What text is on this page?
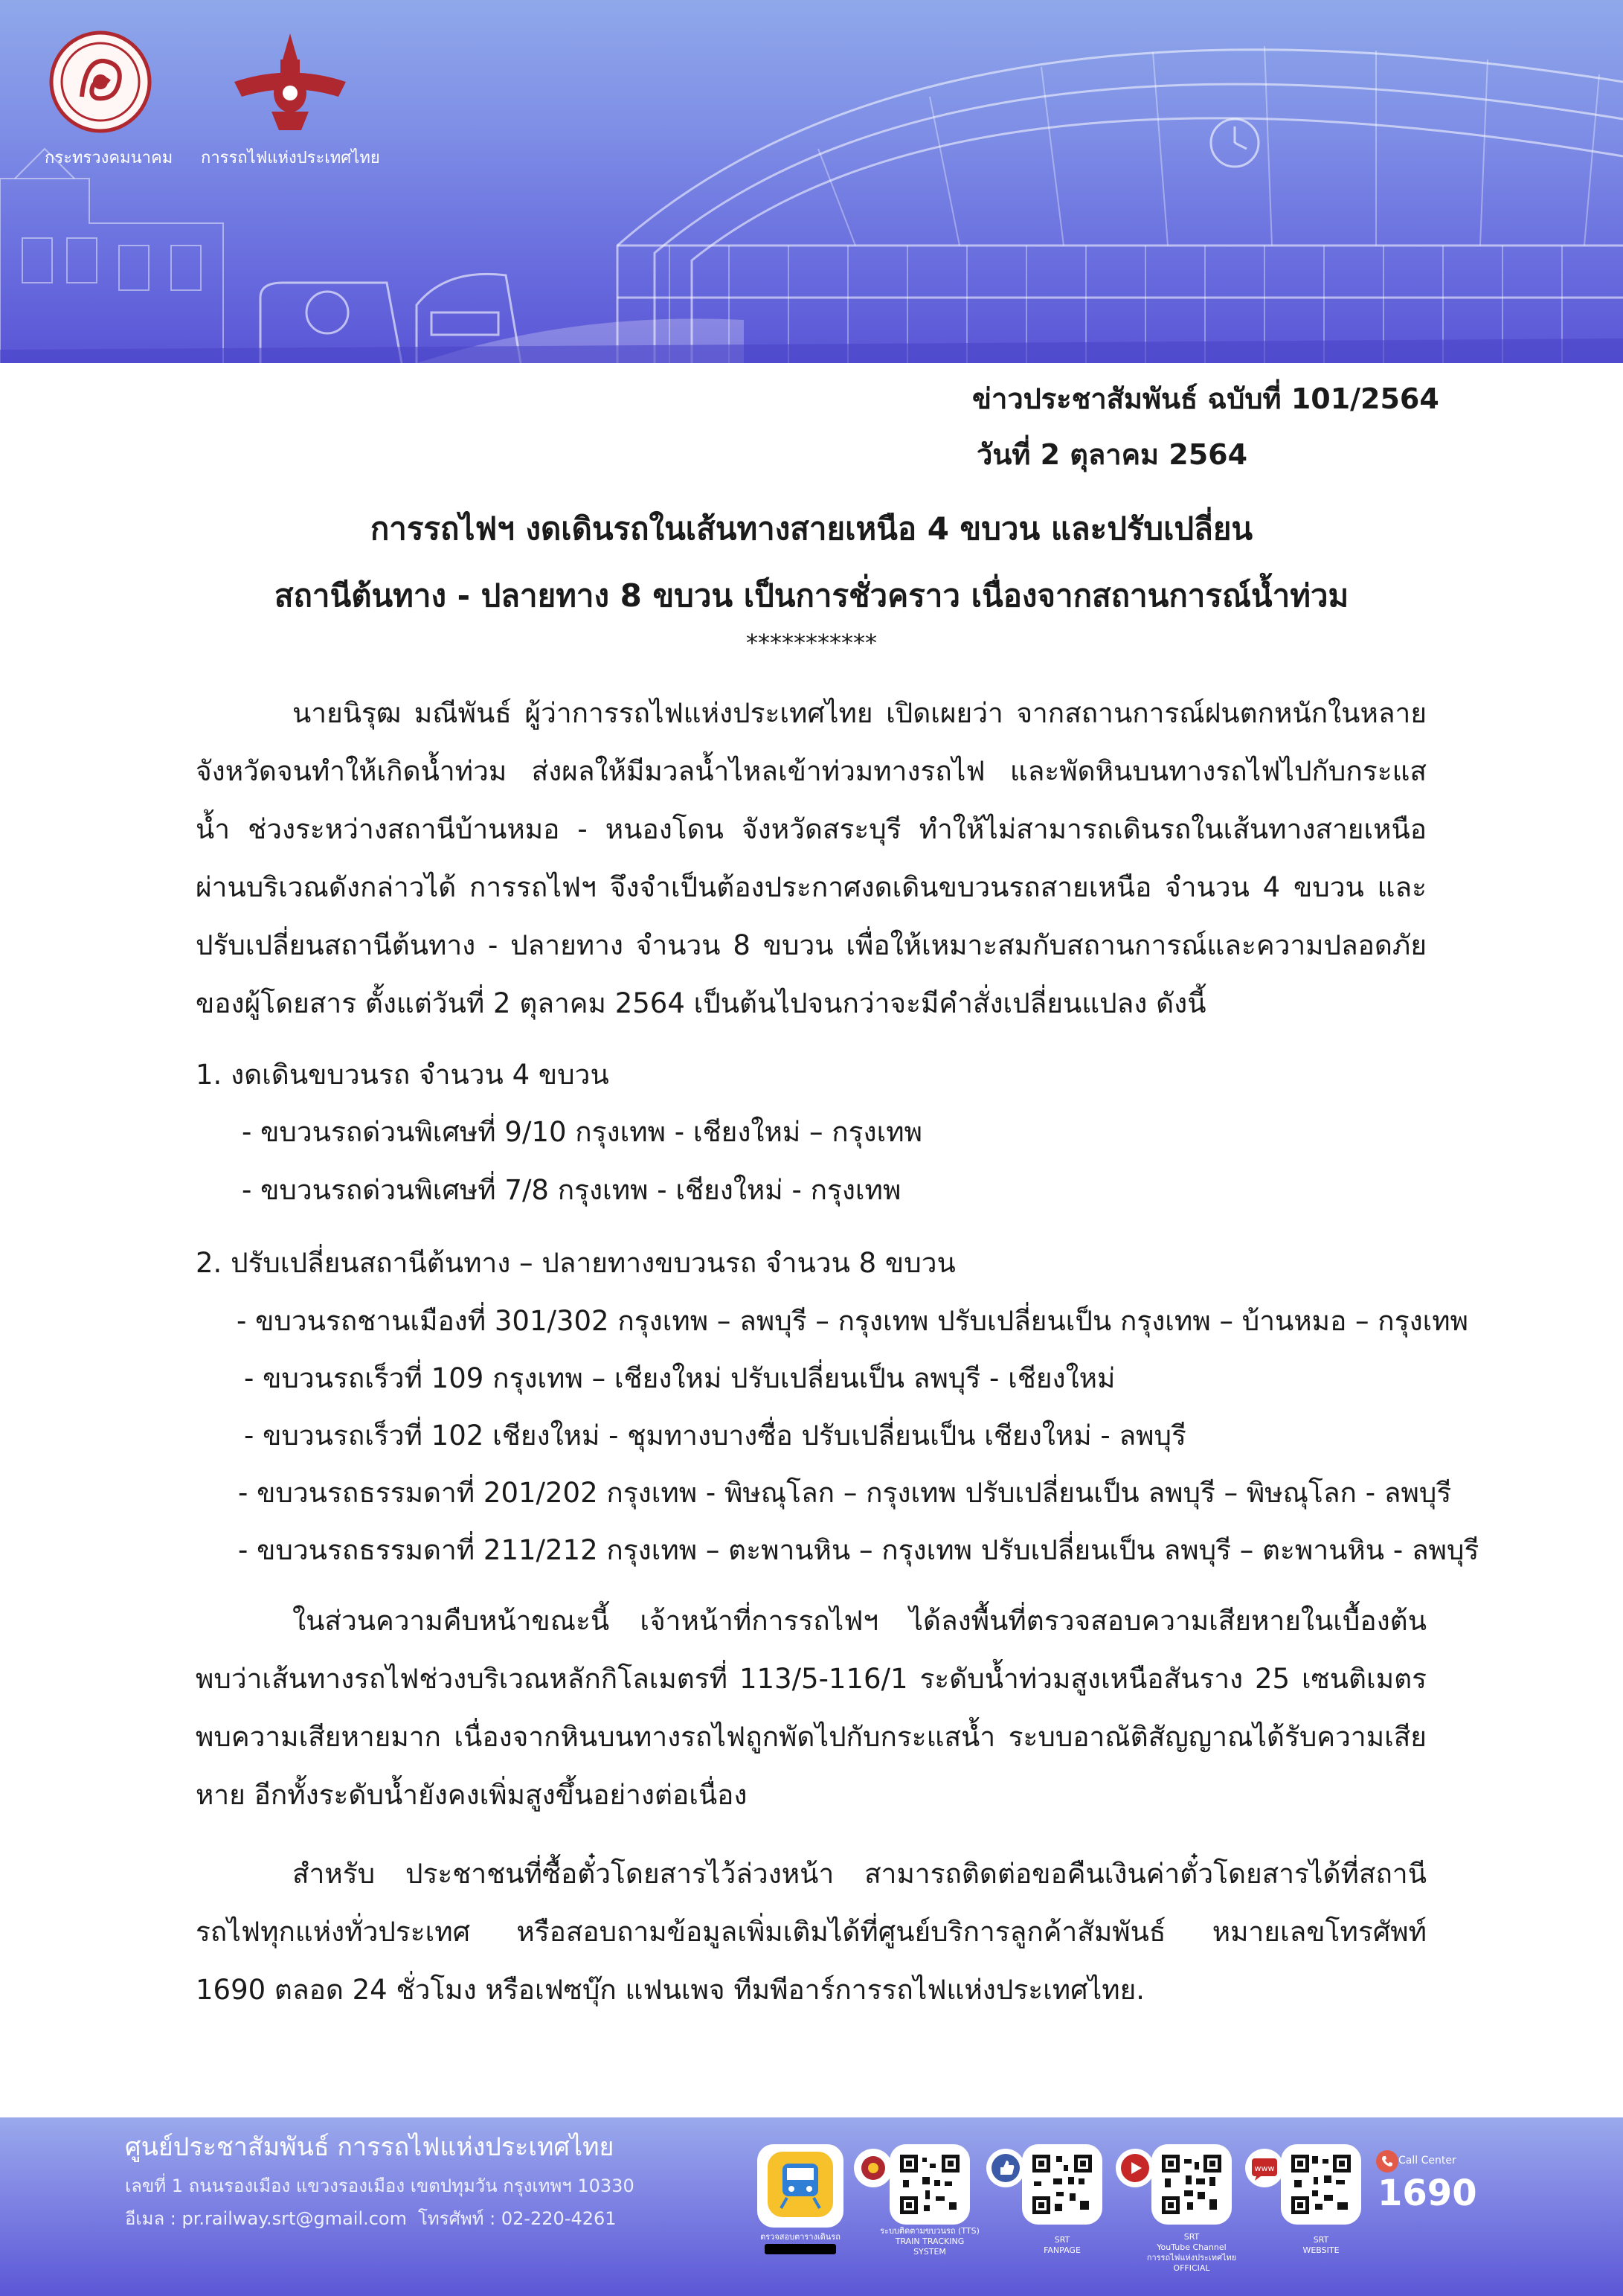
กระทรวงคมนาคม การรถไฟแห่งประเทศไทย
ข่าวประชาสัมพันธ์ ฉบับที่ 101/2564
วันที่ 2 ตุลาคม 2564
การรถไฟฯ งดเดินรถในเส้นทางสายเหนือ 4 ขบวน และปรับเปลี่ยน
สถานีต้นทาง - ปลายทาง 8 ขบวน เป็นการชั่วคราว เนื่องจากสถานการณ์น้ำท่วม
***********

นายนิรุฒ มณีพันธ์ ผู้ว่าการรถไฟแห่งประเทศไทย เปิดเผยว่า จากสถานการณ์ฝนตกหนักในหลายจังหวัดจนทำให้เกิดน้ำท่วม ส่งผลให้มีมวลน้ำไหลเข้าท่วมทางรถไฟ และพัดหินบนทางรถไฟไปกับกระแสน้ำ ช่วงระหว่างสถานีบ้านหมอ - หนองโดน จังหวัดสระบุรี ทำให้ไม่สามารถเดินรถในเส้นทางสายเหนือผ่านบริเวณดังกล่าวได้ การรถไฟฯ จึงจำเป็นต้องประกาศงดเดินขบวนรถสายเหนือ จำนวน 4 ขบวน และปรับเปลี่ยนสถานีต้นทาง - ปลายทาง จำนวน 8 ขบวน เพื่อให้เหมาะสมกับสถานการณ์และความปลอดภัยของผู้โดยสาร ตั้งแต่วันที่ 2 ตุลาคม 2564 เป็นต้นไปจนกว่าจะมีคำสั่งเปลี่ยนแปลง ดังนี้

1. งดเดินขบวนรถ จำนวน 4 ขบวน
- ขบวนรถด่วนพิเศษที่ 9/10 กรุงเทพ - เชียงใหม่ – กรุงเทพ
- ขบวนรถด่วนพิเศษที่ 7/8 กรุงเทพ - เชียงใหม่ - กรุงเทพ
2. ปรับเปลี่ยนสถานีต้นทาง – ปลายทางขบวนรถ จำนวน 8 ขบวน
- ขบวนรถชานเมืองที่ 301/302 กรุงเทพ – ลพบุรี – กรุงเทพ ปรับเปลี่ยนเป็น กรุงเทพ – บ้านหมอ – กรุงเทพ
- ขบวนรถเร็วที่ 109 กรุงเทพ – เชียงใหม่ ปรับเปลี่ยนเป็น ลพบุรี - เชียงใหม่
- ขบวนรถเร็วที่ 102 เชียงใหม่ - ชุมทางบางซื่อ ปรับเปลี่ยนเป็น เชียงใหม่ - ลพบุรี
- ขบวนรถธรรมดาที่ 201/202 กรุงเทพ - พิษณุโลก – กรุงเทพ ปรับเปลี่ยนเป็น ลพบุรี – พิษณุโลก - ลพบุรี
- ขบวนรถธรรมดาที่ 211/212 กรุงเทพ – ตะพานหิน – กรุงเทพ ปรับเปลี่ยนเป็น ลพบุรี – ตะพานหิน - ลพบุรี

ในส่วนความคืบหน้าขณะนี้ เจ้าหน้าที่การรถไฟฯ ได้ลงพื้นที่ตรวจสอบความเสียหายในเบื้องต้น พบว่าเส้นทางรถไฟช่วงบริเวณหลักกิโลเมตรที่ 113/5-116/1 ระดับน้ำท่วมสูงเหนือสันราง 25 เซนติเมตร พบความเสียหายมาก เนื่องจากหินบนทางรถไฟถูกพัดไปกับกระแสน้ำ ระบบอาณัติสัญญาณได้รับความเสียหาย อีกทั้งระดับน้ำยังคงเพิ่มสูงขึ้นอย่างต่อเนื่อง

สำหรับ ประชาชนที่ซื้อตั๋วโดยสารไว้ล่วงหน้า สามารถติดต่อขอคืนเงินค่าตั๋วโดยสารได้ที่สถานีรถไฟทุกแห่งทั่วประเทศ หรือสอบถามข้อมูลเพิ่มเติมได้ที่ศูนย์บริการลูกค้าสัมพันธ์ หมายเลขโทรศัพท์ 1690 ตลอด 24 ชั่วโมง หรือเฟซบุ๊ก แฟนเพจ ทีมพีอาร์การรถไฟแห่งประเทศไทย.

ศูนย์ประชาสัมพันธ์ การรถไฟแห่งประเทศไทย
เลขที่ 1 ถนนรองเมือง แขวงรองเมือง เขตปทุมวัน กรุงเทพฯ 10330
อีเมล : pr.railway.srt@gmail.com โทรศัพท์ : 02-220-4261
ตรวจสอบตารางเดินรถ
ระบบติดตามขบวนรถ (TTS)
TRAIN TRACKING
SYSTEM
SRT
FANPAGE
SRT
YouTube Channel
การรถไฟแห่งประเทศไทย
OFFICIAL
www
SRT
WEBSITE
Call Center
1690
